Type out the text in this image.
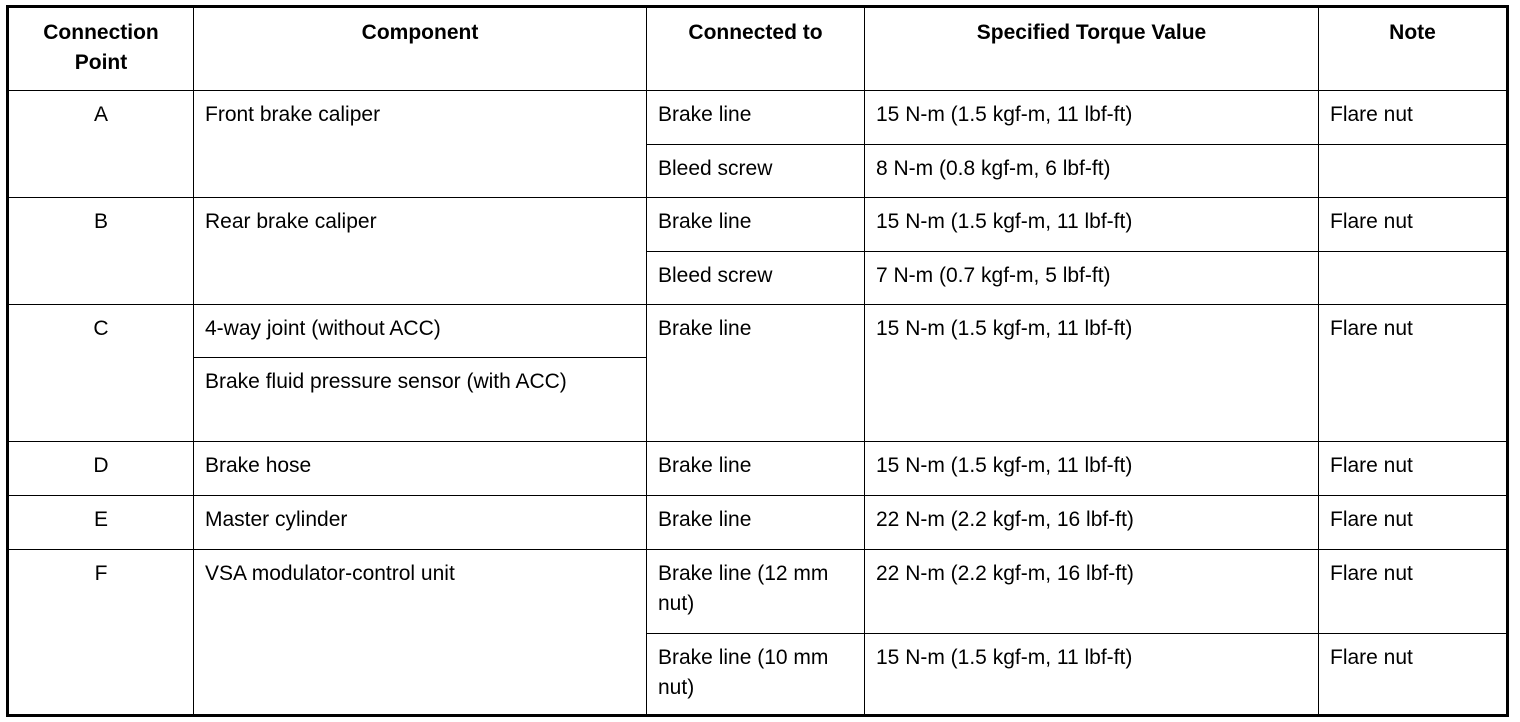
Connection Point	Component	Connected to	Specified Torque Value	Note
A	Front brake caliper	Brake line	15 N-m (1.5 kgf-m, 11 lbf-ft)	Flare nut
		Bleed screw	8 N-m (0.8 kgf-m, 6 lbf-ft)	
B	Rear brake caliper	Brake line	15 N-m (1.5 kgf-m, 11 lbf-ft)	Flare nut
		Bleed screw	7 N-m (0.7 kgf-m, 5 lbf-ft)	
C	4-way joint (without ACC)	Brake line	15 N-m (1.5 kgf-m, 11 lbf-ft)	Flare nut
	Brake fluid pressure sensor (with ACC)			
D	Brake hose	Brake line	15 N-m (1.5 kgf-m, 11 lbf-ft)	Flare nut
E	Master cylinder	Brake line	22 N-m (2.2 kgf-m, 16 lbf-ft)	Flare nut
F	VSA modulator-control unit	Brake line (12 mm nut)	22 N-m (2.2 kgf-m, 16 lbf-ft)	Flare nut
		Brake line (10 mm nut)	15 N-m (1.5 kgf-m, 11 lbf-ft)	Flare nut
